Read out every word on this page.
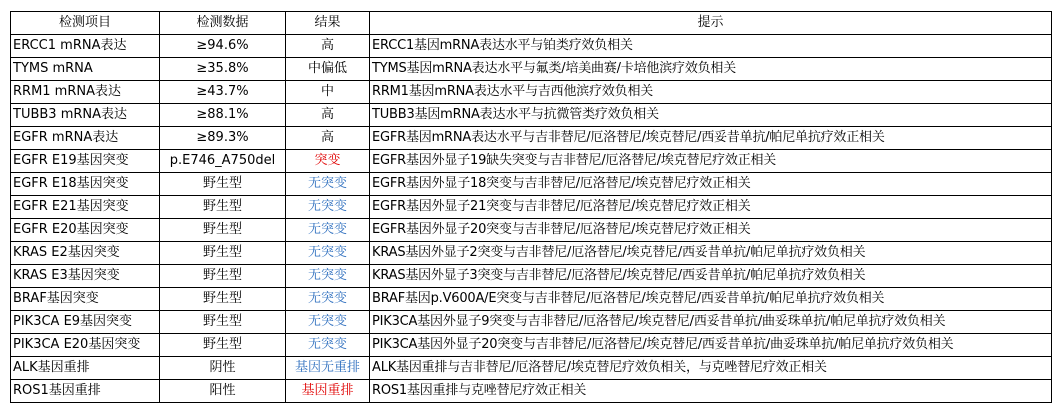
检测项目	检测数据	结果	提示
ERCC1 mRNA表达	≥94.6%	高	ERCC1基因mRNA表达水平与铂类疗效负相关
TYMS mRNA	≥35.8%	中偏低	TYMS基因mRNA表达水平与氟类/培美曲赛/卡培他滨疗效负相关
RRM1 mRNA表达	≥43.7%	中	RRM1基因mRNA表达水平与吉西他滨疗效负相关
TUBB3 mRNA表达	≥88.1%	高	TUBB3基因mRNA表达水平与抗微管类疗效负相关
EGFR mRNA表达	≥89.3%	高	EGFR基因mRNA表达水平与吉非替尼/厄洛替尼/埃克替尼/西妥昔单抗/帕尼单抗疗效正相关
EGFR E19基因突变	p.E746_A750del	突变	EGFR基因外显子19缺失突变与吉非替尼/厄洛替尼/埃克替尼疗效正相关
EGFR E18基因突变	野生型	无突变	EGFR基因外显子18突变与吉非替尼/厄洛替尼/埃克替尼疗效正相关
EGFR E21基因突变	野生型	无突变	EGFR基因外显子21突变与吉非替尼/厄洛替尼/埃克替尼疗效正相关
EGFR E20基因突变	野生型	无突变	EGFR基因外显子20突变与吉非替尼/厄洛替尼/埃克替尼疗效正相关
KRAS E2基因突变	野生型	无突变	KRAS基因外显子2突变与吉非替尼/厄洛替尼/埃克替尼/西妥昔单抗/帕尼单抗疗效负相关
KRAS E3基因突变	野生型	无突变	KRAS基因外显子3突变与吉非替尼/厄洛替尼/埃克替尼/西妥昔单抗/帕尼单抗疗效负相关
BRAF基因突变	野生型	无突变	BRAF基因p.V600A/E突变与吉非替尼/厄洛替尼/埃克替尼/西妥昔单抗/帕尼单抗疗效负相关
PIK3CA E9基因突变	野生型	无突变	PIK3CA基因外显子9突变与吉非替尼/厄洛替尼/埃克替尼/西妥昔单抗/曲妥珠单抗/帕尼单抗疗效负相关
PIK3CA E20基因突变	野生型	无突变	PIK3CA基因外显子20突变与吉非替尼/厄洛替尼/埃克替尼/西妥昔单抗/曲妥珠单抗/帕尼单抗疗效负相关
ALK基因重排	阴性	基因无重排	ALK基因重排与吉非替尼/厄洛替尼/埃克替尼疗效负相关，与克唑替尼疗效正相关
ROS1基因重排	阳性	基因重排	ROS1基因重排与克唑替尼疗效正相关
